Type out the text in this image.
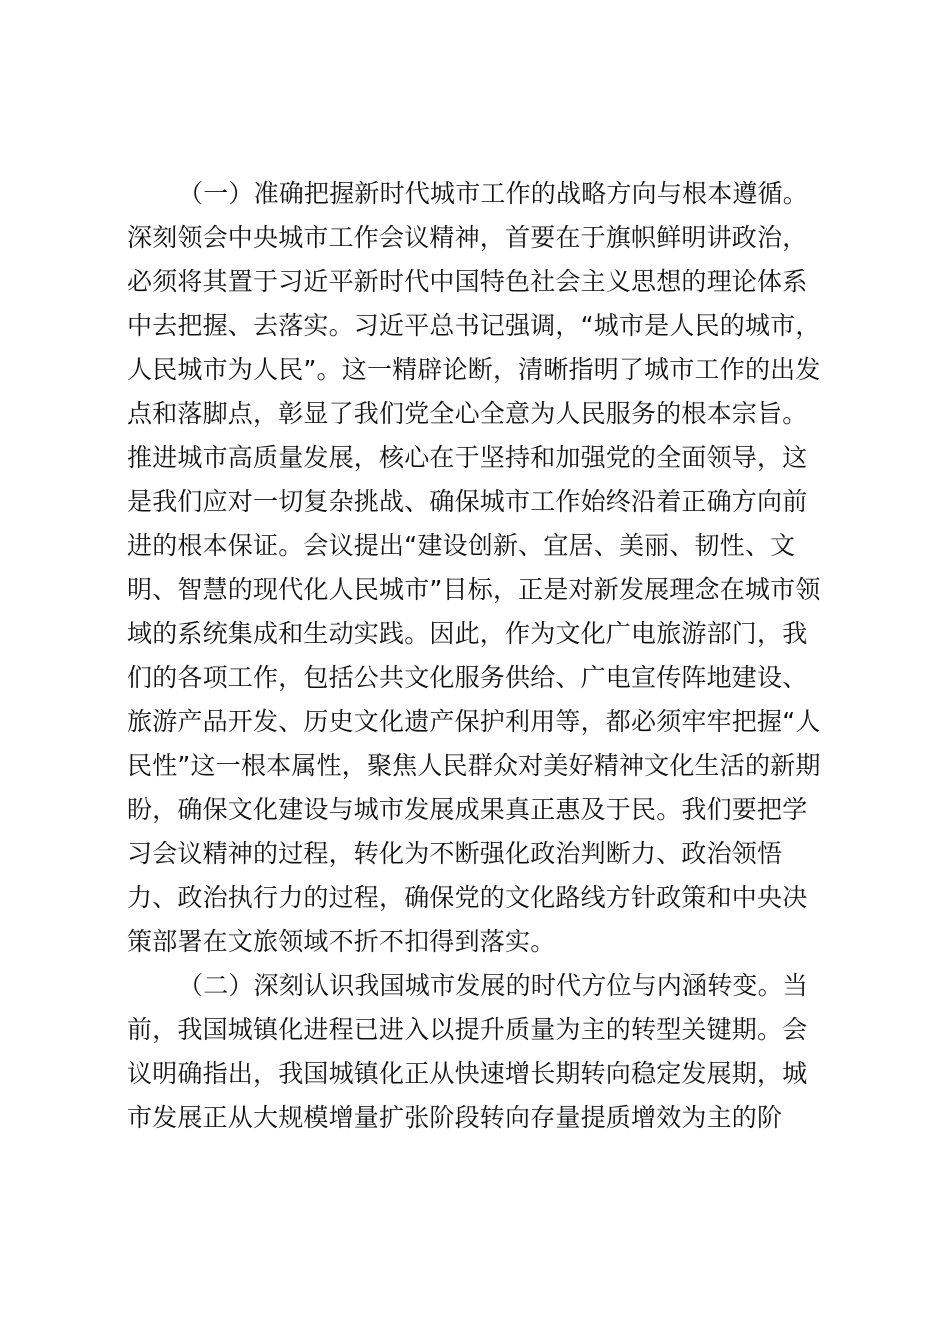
（一）准确把握新时代城市工作的战略方向与根本遵循。
深刻领会中央城市工作会议精神，首要在于旗帜鲜明讲政治，
必须将其置于习近平新时代中国特色社会主义思想的理论体系
中去把握、去落实。习近平总书记强调，“城市是人民的城市，
人民城市为人民”。这一精辟论断，清晰指明了城市工作的出发
点和落脚点，彰显了我们党全心全意为人民服务的根本宗旨。
推进城市高质量发展，核心在于坚持和加强党的全面领导，这
是我们应对一切复杂挑战、确保城市工作始终沿着正确方向前
进的根本保证。会议提出“建设创新、宜居、美丽、韧性、文
明、智慧的现代化人民城市”目标，正是对新发展理念在城市领
域的系统集成和生动实践。因此，作为文化广电旅游部门，我
们的各项工作，包括公共文化服务供给、广电宣传阵地建设、
旅游产品开发、历史文化遗产保护利用等，都必须牢牢把握“人
民性”这一根本属性，聚焦人民群众对美好精神文化生活的新期
盼，确保文化建设与城市发展成果真正惠及于民。我们要把学
习会议精神的过程，转化为不断强化政治判断力、政治领悟
力、政治执行力的过程，确保党的文化路线方针政策和中央决
策部署在文旅领域不折不扣得到落实。
（二）深刻认识我国城市发展的时代方位与内涵转变。当
前，我国城镇化进程已进入以提升质量为主的转型关键期。会
议明确指出，我国城镇化正从快速增长期转向稳定发展期，城
市发展正从大规模增量扩张阶段转向存量提质增效为主的阶
